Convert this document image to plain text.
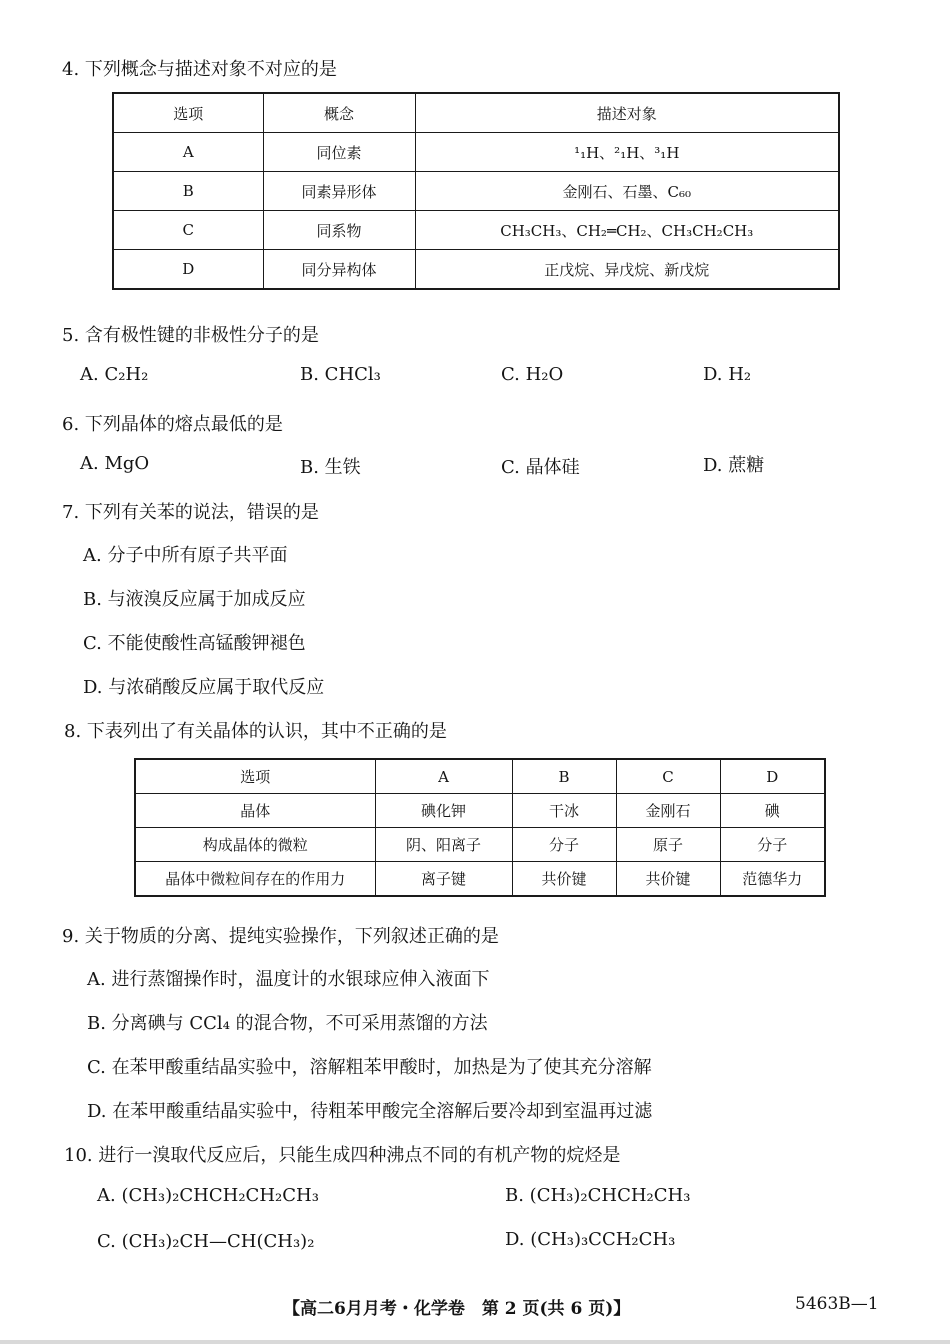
4. 下列概念与描述对象不对应的是
选项	概念	描述对象
A	同位素	¹₁H、²₁H、³₁H
B	同素异形体	金刚石、石墨、C₆₀
C	同系物	CH₃CH₃、CH₂═CH₂、CH₃CH₂CH₃
D	同分异构体	正戊烷、异戊烷、新戊烷
5. 含有极性键的非极性分子的是
A. C₂H₂	B. CHCl₃	C. H₂O	D. H₂
6. 下列晶体的熔点最低的是
A. MgO	B. 生铁	C. 晶体硅	D. 蔗糖
7. 下列有关苯的说法，错误的是
A. 分子中所有原子共平面
B. 与液溴反应属于加成反应
C. 不能使酸性高锰酸钾褪色
D. 与浓硝酸反应属于取代反应
8. 下表列出了有关晶体的认识，其中不正确的是
选项	A	B	C	D
晶体	碘化钾	干冰	金刚石	碘
构成晶体的微粒	阴、阳离子	分子	原子	分子
晶体中微粒间存在的作用力	离子键	共价键	共价键	范德华力
9. 关于物质的分离、提纯实验操作，下列叙述正确的是
A. 进行蒸馏操作时，温度计的水银球应伸入液面下
B. 分离碘与 CCl₄ 的混合物，不可采用蒸馏的方法
C. 在苯甲酸重结晶实验中，溶解粗苯甲酸时，加热是为了使其充分溶解
D. 在苯甲酸重结晶实验中，待粗苯甲酸完全溶解后要冷却到室温再过滤
10. 进行一溴取代反应后，只能生成四种沸点不同的有机产物的烷烃是
A. (CH₃)₂CHCH₂CH₂CH₃	B. (CH₃)₂CHCH₂CH₃
C. (CH₃)₂CH—CH(CH₃)₂	D. (CH₃)₃CCH₂CH₃
【高二6月月考・化学卷　第 2 页(共 6 页)】	5463B—1
